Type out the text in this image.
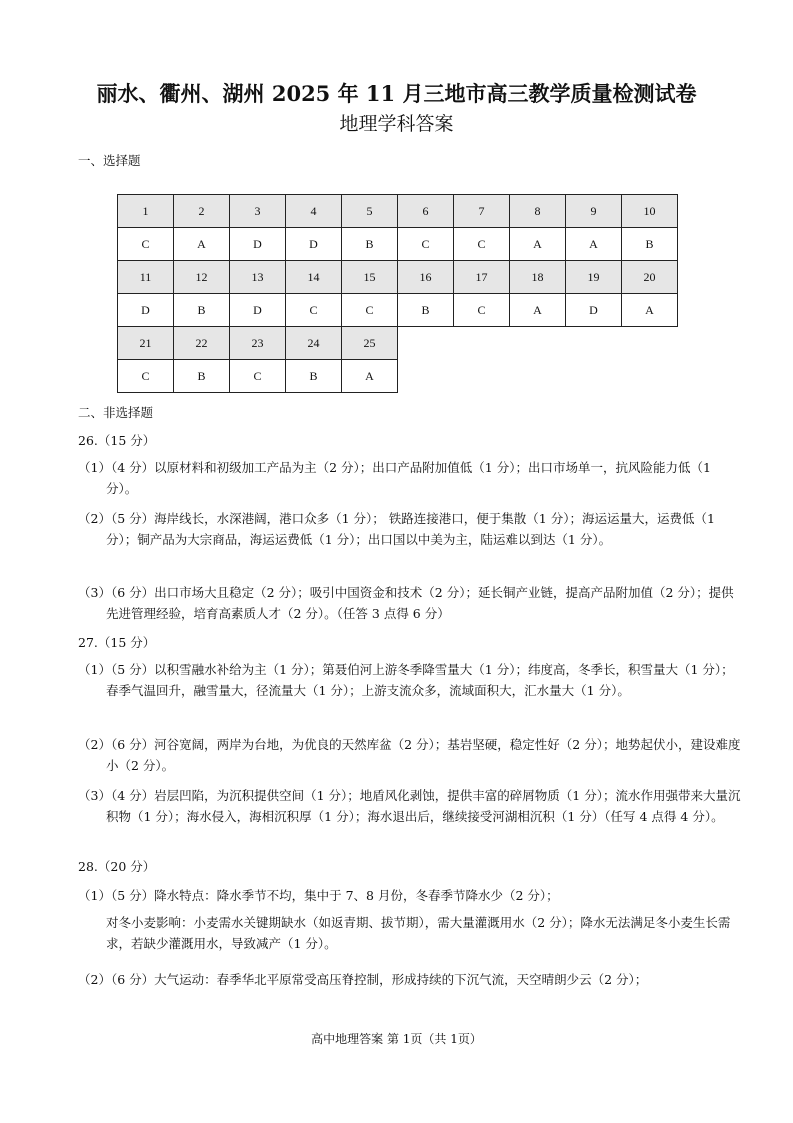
丽水、衢州、湖州 2025 年 11 月三地市高三教学质量检测试卷
地理学科答案
一、选择题
1	2	3	4	5	6	7	8	9	10
C	A	D	D	B	C	C	A	A	B
11	12	13	14	15	16	17	18	19	20
D	B	D	C	C	B	C	A	D	A
21	22	23	24	25					
C	B	C	B	A					
二、非选择题
26.（15 分）
（1）（4 分）以原材料和初级加工产品为主（2 分）；出口产品附加值低（1 分）；出口市场单一，抗风险能力低（1 分）。
（2）（5 分）海岸线长，水深港阔，港口众多（1 分）； 铁路连接港口，便于集散（1 分）；海运运量大，运费低（1 分）；铜产品为大宗商品，海运运费低（1 分）；出口国以中美为主，陆运难以到达（1 分）。
（3）（6 分）出口市场大且稳定（2 分）；吸引中国资金和技术（2 分）；延长铜产业链，提高产品附加值（2 分）；提供先进管理经验，培育高素质人才（2 分）。（任答 3 点得 6 分）
27.（15 分）
（1）（5 分）以积雪融水补给为主（1 分）；第聂伯河上游冬季降雪量大（1 分）；纬度高，冬季长，积雪量大（1 分）；春季气温回升，融雪量大，径流量大（1 分）；上游支流众多，流域面积大，汇水量大（1 分）。
（2）（6 分）河谷宽阔，两岸为台地，为优良的天然库盆（2 分）；基岩坚硬，稳定性好（2 分）；地势起伏小，建设难度小（2 分）。
（3）（4 分）岩层凹陷，为沉积提供空间（1 分）；地盾风化剥蚀，提供丰富的碎屑物质（1 分）；流水作用强带来大量沉积物（1 分）；海水侵入，海相沉积厚（1 分）；海水退出后，继续接受河湖相沉积（1 分）（任写 4 点得 4 分）。
28.（20 分）
（1）（5 分）降水特点：降水季节不均，集中于 7、8 月份，冬春季节降水少（2 分）；
对冬小麦影响：小麦需水关键期缺水（如返青期、拔节期），需大量灌溉用水（2 分）；降水无法满足冬小麦生长需求，若缺少灌溉用水，导致减产（1 分）。
（2）（6 分）大气运动：春季华北平原常受高压脊控制，形成持续的下沉气流，天空晴朗少云（2 分）；
高中地理答案 第 1页（共 1页）
